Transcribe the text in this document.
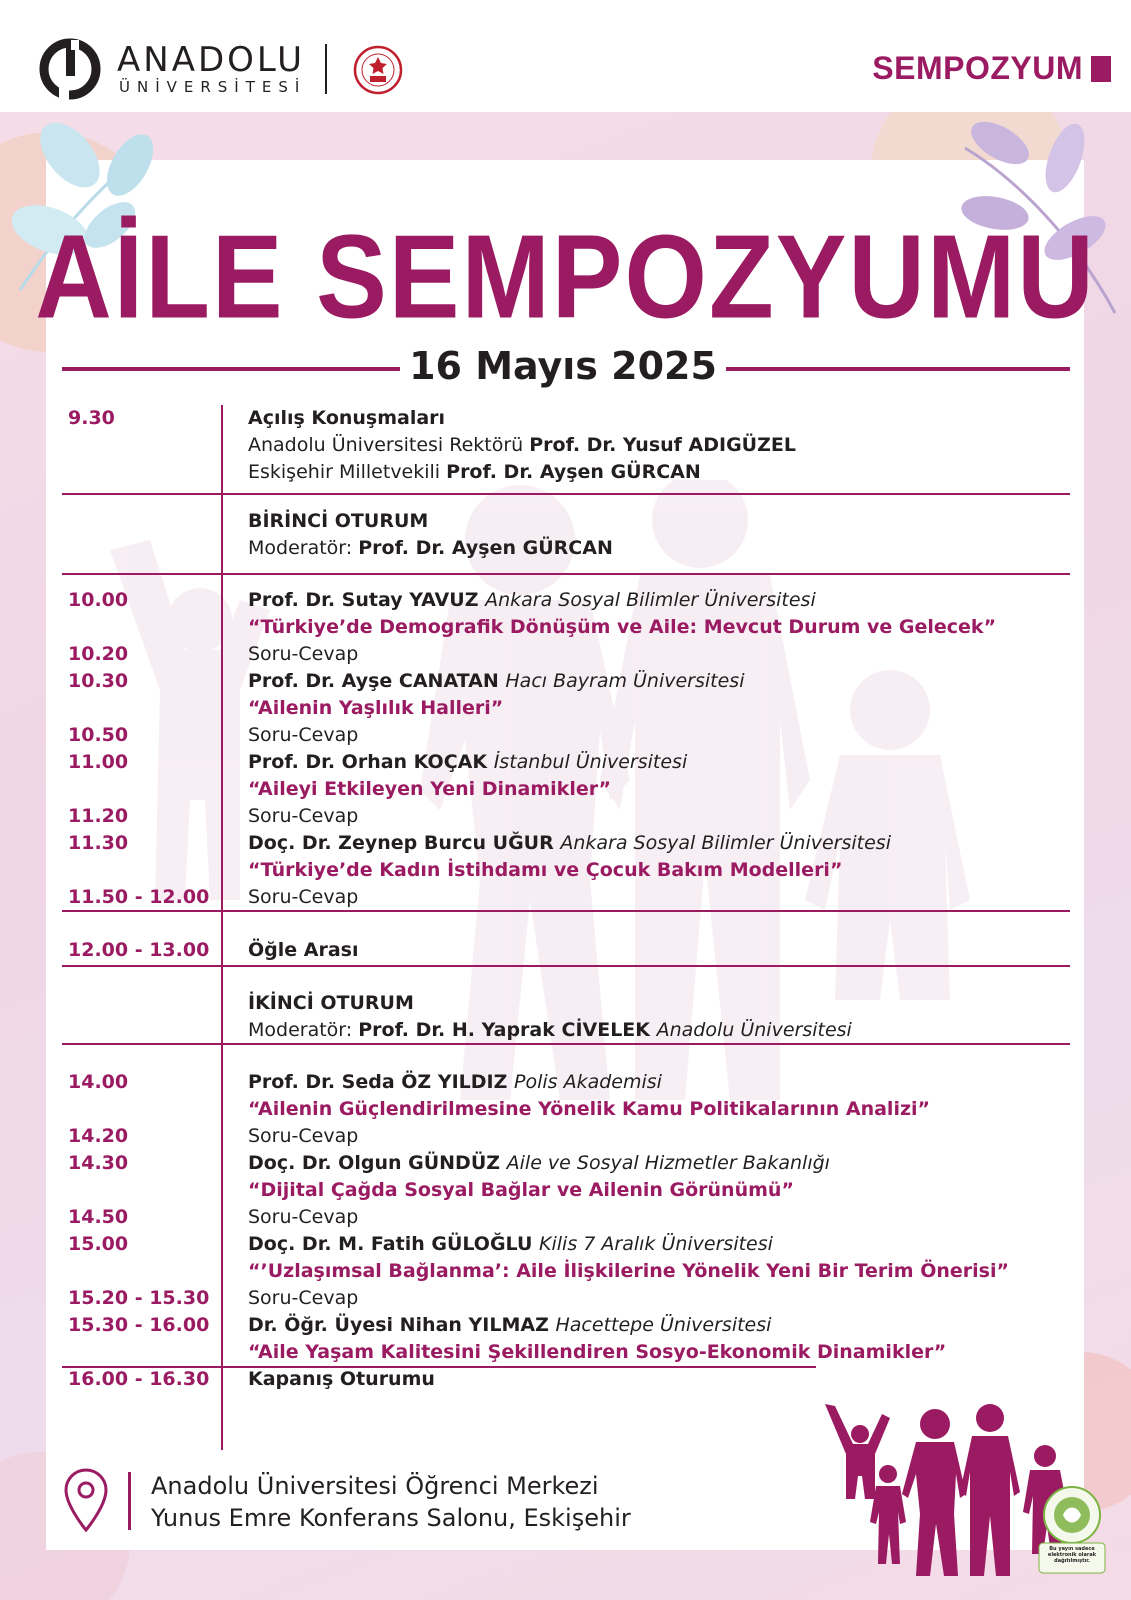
ANADOLU
ÜNİVERSİTESİ
SEMPOZYUM
AİLE SEMPOZYUMU
16 Mayıs 2025
9.30	Açılış Konuşmaları
Anadolu Üniversitesi Rektörü Prof. Dr. Yusuf ADIGÜZEL
Eskişehir Milletvekili Prof. Dr. Ayşen GÜRCAN
BİRİNCİ OTURUM
Moderatör: Prof. Dr. Ayşen GÜRCAN
10.00	Prof. Dr. Sutay YAVUZ Ankara Sosyal Bilimler Üniversitesi
“Türkiye’de Demografik Dönüşüm ve Aile: Mevcut Durum ve Gelecek”
10.20	Soru-Cevap
10.30	Prof. Dr. Ayşe CANATAN Hacı Bayram Üniversitesi
“Ailenin Yaşlılık Halleri”
10.50	Soru-Cevap
11.00	Prof. Dr. Orhan KOÇAK İstanbul Üniversitesi
“Aileyi Etkileyen Yeni Dinamikler”
11.20	Soru-Cevap
11.30	Doç. Dr. Zeynep Burcu UĞUR Ankara Sosyal Bilimler Üniversitesi
“Türkiye’de Kadın İstihdamı ve Çocuk Bakım Modelleri”
11.50 - 12.00 Soru-Cevap
12.00 - 13.00 Öğle Arası
İKİNCİ OTURUM
Moderatör: Prof. Dr. H. Yaprak CİVELEK Anadolu Üniversitesi
14.00	Prof. Dr. Seda ÖZ YILDIZ Polis Akademisi
“Ailenin Güçlendirilmesine Yönelik Kamu Politikalarının Analizi”
14.20	Soru-Cevap
14.30	Doç. Dr. Olgun GÜNDÜZ Aile ve Sosyal Hizmetler Bakanlığı
“Dijital Çağda Sosyal Bağlar ve Ailenin Görünümü”
14.50	Soru-Cevap
15.00	Doç. Dr. M. Fatih GÜLOĞLU Kilis 7 Aralık Üniversitesi
“’Uzlaşımsal Bağlanma’: Aile İlişkilerine Yönelik Yeni Bir Terim Önerisi”
15.20 - 15.30 Soru-Cevap
15.30 - 16.00 Dr. Öğr. Üyesi Nihan YILMAZ Hacettepe Üniversitesi
“Aile Yaşam Kalitesini Şekillendiren Sosyo-Ekonomik Dinamikler”
16.00 - 16.30 Kapanış Oturumu
Anadolu Üniversitesi Öğrenci Merkezi
Yunus Emre Konferans Salonu, Eskişehir
Bu yayın sadece elektronik olarak dağıtılmıştır.
